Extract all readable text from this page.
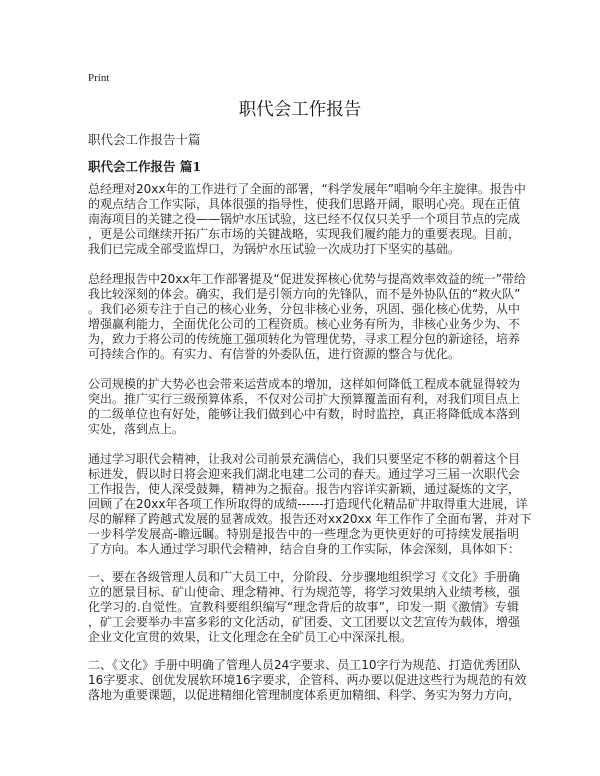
Print
职代会工作报告
职代会工作报告十篇
职代会工作报告 篇1
总经理对20xx年的工作进行了全面的部署，“科学发展年”唱响今年主旋律。报告中
的观点结合工作实际，具体很强的指导性，使我们思路开阔，眼明心亮。现在正值
南海项目的关键之役——锅炉水压试验，这已经不仅仅只关乎一个项目节点的完成
，更是公司继续开拓广东市场的关键战略，实现我们履约能力的重要表现。目前，
我们已完成全部受监焊口，为锅炉水压试验一次成功打下坚实的基础。
总经理报告中20xx年工作部署提及“促进发挥核心优势与提高效率效益的统一”带给
我比较深刻的体会。确实，我们是引领方向的先锋队，而不是外协队伍的“救火队”
。我们必须专注于自己的核心业务，分包非核心业务，巩固、强化核心优势，从中
增强赢利能力，全面优化公司的工程资质。核心业务有所为，非核心业务少为、不
为，致力于将公司的传统施工强项转化为管理优势，寻求工程分包的新途径，培养
可持续合作的。有实力、有信誉的外委队伍，进行资源的整合与优化。
公司规模的扩大势必也会带来运营成本的增加，这样如何降低工程成本就显得较为
突出。推广实行三级预算体系，不仅对公司扩大预算覆盖面有利，对我们项目点上
的二级单位也有好处，能够让我们做到心中有数，时时监控，真正将降低成本落到
实处，落到点上。
通过学习职代会精神，让我对公司前景充满信心，我们只要坚定不移的朝着这个目
标进发，假以时日将会迎来我们湖北电建二公司的春天。通过学习三届一次职代会
工作报告，使人深受鼓舞，精神为之振奋。报告内容详实新颖，通过凝炼的文字，
回顾了在20xx年各项工作所取得的成绩------打造现代化精品矿井取得重大进展，详
尽的解释了跨越式发展的显著成效。报告还对xx20xx 年工作作了全面布署，并对下
一步科学发展高-瞻远瞩。特别是报告中的一些理念为更快更好的可持续发展指明
了方向。本人通过学习职代会精神，结合自身的工作实际，体会深刻，具体如下：
一、要在各级管理人员和广大员工中，分阶段、分步骤地组织学习《文化》手册确
立的愿景目标、矿山使命、理念精神、行为规范等，将学习效果纳入业绩考核，强
化学习的.自觉性。宣教科要组织编写“理念背后的故事”，印发一期《激情》专辑
，矿工会要举办丰富多彩的文化活动，矿团委、文工团要以文艺宣传为载体，增强
企业文化宣贯的效果，让文化理念在全矿员工心中深深扎根。
二、《文化》手册中明确了管理人员24字要求、员工10字行为规范、打造优秀团队
16字要求、创优发展软环境16字要求，企管科、两办要以促进这些行为规范的有效
落地为重要课题，以促进精细化管理制度体系更加精细、科学、务实为努力方向，
